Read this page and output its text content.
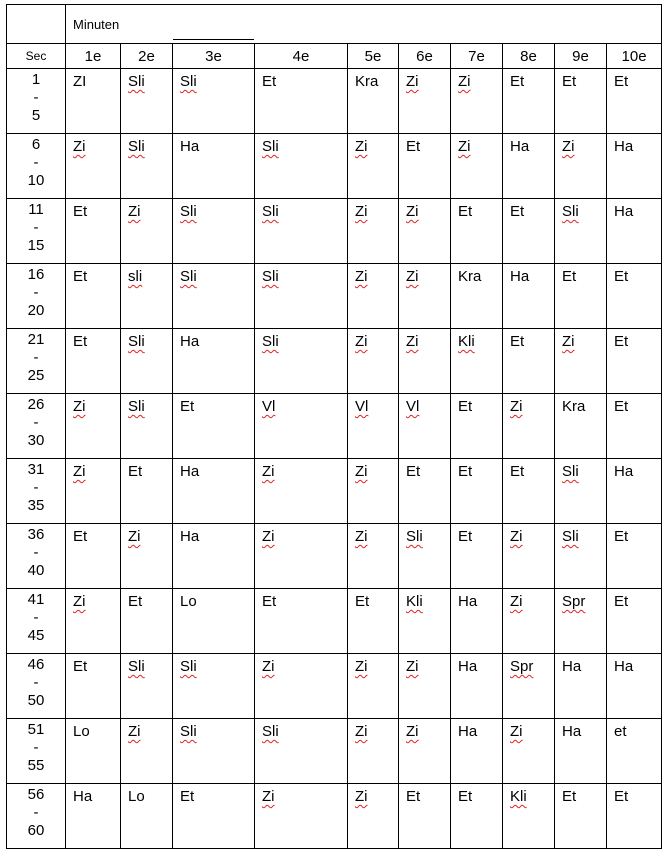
	Minuten									

Sec	1e	2e	3e	4e	5e	6e	7e	8e	9e	10e

1
-
5	ZI	Sli	Sli	Et	Kra	Zi	Zi	Et	Et	Et

6
-
10	Zi	Sli	Ha	Sli	Zi	Et	Zi	Ha	Zi	Ha

11
-
15	Et	Zi	Sli	Sli	Zi	Zi	Et	Et	Sli	Ha

16
-
20	Et	sli	Sli	Sli	Zi	Zi	Kra	Ha	Et	Et

21
-
25	Et	Sli	Ha	Sli	Zi	Zi	Kli	Et	Zi	Et

26
-
30	Zi	Sli	Et	Vl	Vl	Vl	Et	Zi	Kra	Et

31
-
35	Zi	Et	Ha	Zi	Zi	Et	Et	Et	Sli	Ha

36
-
40	Et	Zi	Ha	Zi	Zi	Sli	Et	Zi	Sli	Et

41
-
45	Zi	Et	Lo	Et	Et	Kli	Ha	Zi	Spr	Et

46
-
50	Et	Sli	Sli	Zi	Zi	Zi	Ha	Spr	Ha	Ha

51
-
55	Lo	Zi	Sli	Sli	Zi	Zi	Ha	Zi	Ha	et

56
-
60	Ha	Lo	Et	Zi	Zi	Et	Et	Kli	Et	Et
